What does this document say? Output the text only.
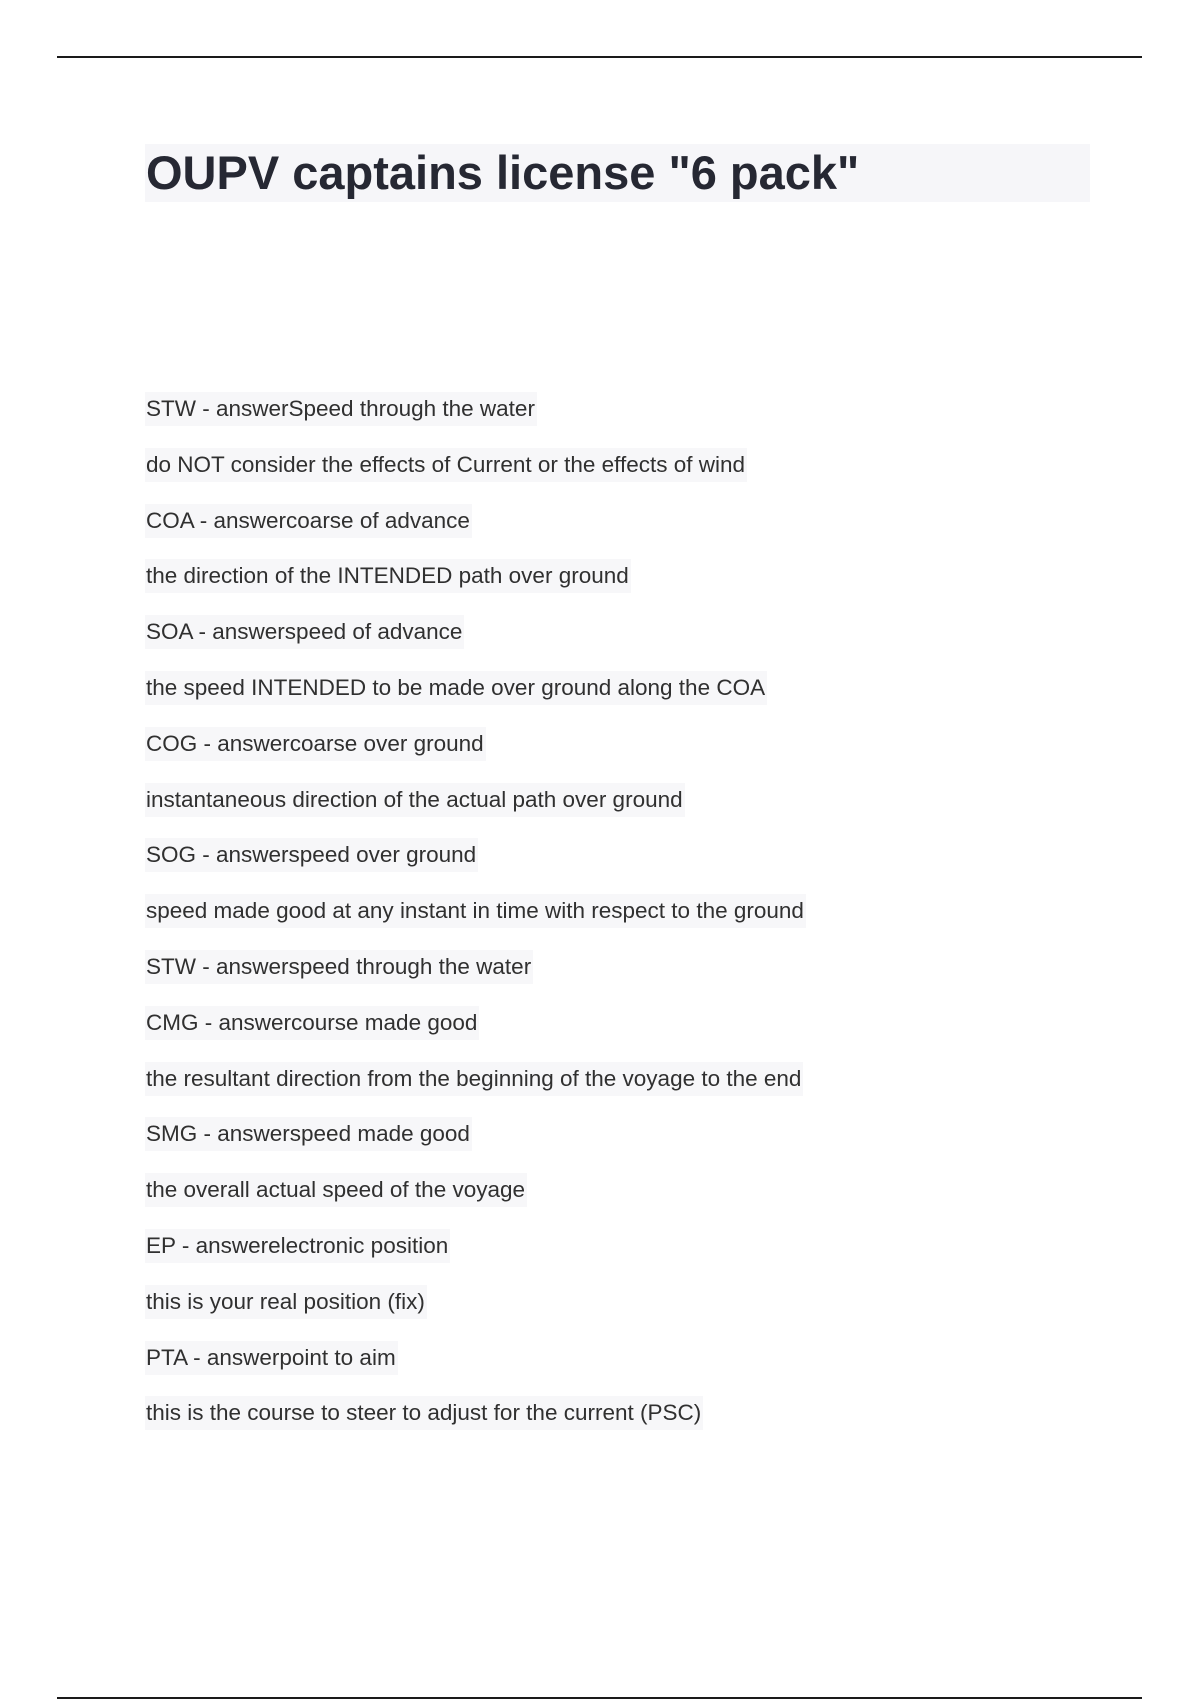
OUPV captains license "6 pack"
STW - answerSpeed through the water
do NOT consider the effects of Current or the effects of wind
COA - answercoarse of advance
the direction of the INTENDED path over ground
SOA - answerspeed of advance
the speed INTENDED to be made over ground along the COA
COG - answercoarse over ground
instantaneous direction of the actual path over ground
SOG - answerspeed over ground
speed made good at any instant in time with respect to the ground
STW - answerspeed through the water
CMG - answercourse made good
the resultant direction from the beginning of the voyage to the end
SMG - answerspeed made good
the overall actual speed of the voyage
EP - answerelectronic position
this is your real position (fix)
PTA - answerpoint to aim
this is the course to steer to adjust for the current (PSC)
